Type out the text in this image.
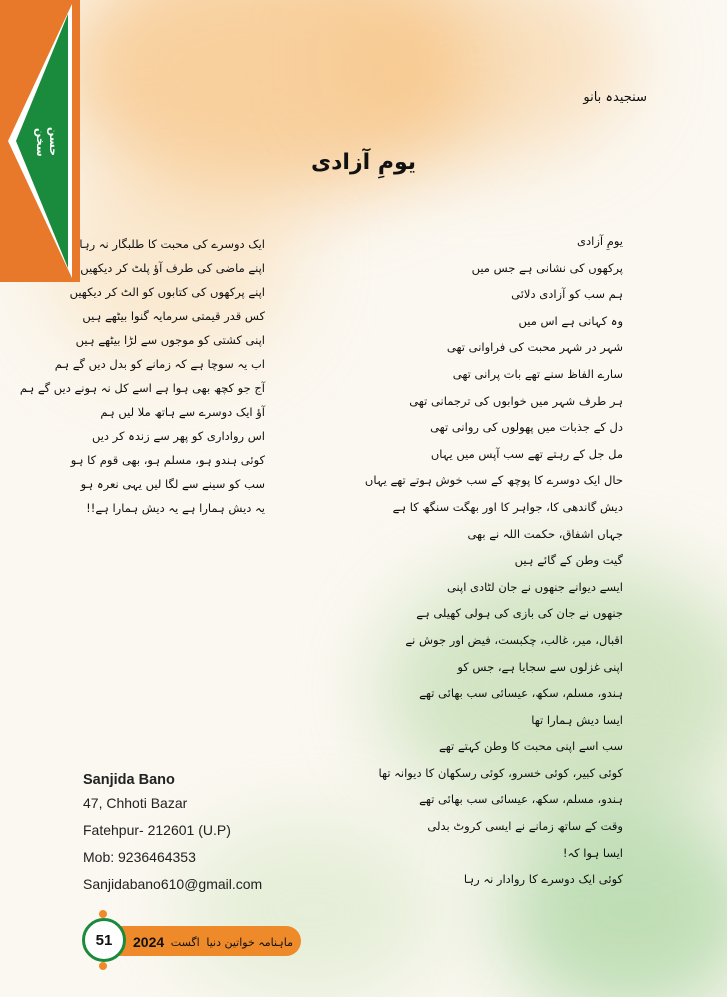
حسن سخن
سنجیدہ بانو
یومِ آزادی

یومِ آزادی

پرکھوں کی نشانی ہے جس میں

ہم سب کو آزادی دلائی

وہ کہانی ہے اس میں

شہر در شہر محبت کی فراوانی تھی

سارے الفاظ سنے تھے بات پرانی تھی

ہر طرف شہر میں خوابوں کی ترجمانی تھی

دل کے جذبات میں پھولوں کی روانی تھی

مل جل کے رہتے تھے سب آپس میں یہاں

حال ایک دوسرے کا پوچھ کے سب خوش ہوتے تھے یہاں

دیش گاندھی کا، جواہر کا اور بھگت سنگھ کا ہے

جہاں اشفاق، حکمت اللہ نے بھی

گیت وطن کے گائے ہیں

ایسے دیوانے جنھوں نے جان لٹادی اپنی

جنھوں نے جان کی بازی کی ہولی کھیلی ہے

اقبال، میر، غالب، چکبست، فیض اور جوش نے

اپنی غزلوں سے سجایا ہے، جس کو

ہندو، مسلم، سکھ، عیسائی سب بھائی تھے

ایسا دیش ہمارا تھا

سب اسے اپنی محبت کا وطن کہتے تھے

کوئی کبیر، کوئی خسرو، کوئی رسکھان کا دیوانہ تھا

ہندو، مسلم، سکھ، عیسائی سب بھائی تھے

وقت کے ساتھ زمانے نے ایسی کروٹ بدلی

ایسا ہوا کہ!

کوئی ایک دوسرے کا روادار نہ رہا

ایک دوسرے کی محبت کا طلبگار نہ رہا

اپنے ماضی کی طرف آؤ پلٹ کر دیکھیں

اپنے پرکھوں کی کتابوں کو الٹ کر دیکھیں

کس قدر قیمتی سرمایہ گنوا بیٹھے ہیں

اپنی کشتی کو موجوں سے لڑا بیٹھے ہیں

اب یہ سوچا ہے کہ زمانے کو بدل دیں گے ہم

آج جو کچھ بھی ہوا ہے اسے کل نہ ہونے دیں گے ہم

آؤ ایک دوسرے سے ہاتھ ملا لیں ہم

اس رواداری کو پھر سے زندہ کر دیں

کوئی ہندو ہو، مسلم ہو، بھی قوم کا ہو

سب کو سینے سے لگا لیں یہی نعرہ ہو

یہ دیش ہمارا ہے یہ دیش ہمارا ہے!!

Sanjida Bano
47, Chhoti Bazar
Fatehpur- 212601 (U.P)
Mob: 9236464353
Sanjidabano610@gmail.com
51	2024 اگست ماہنامہ خواتین دنیا
